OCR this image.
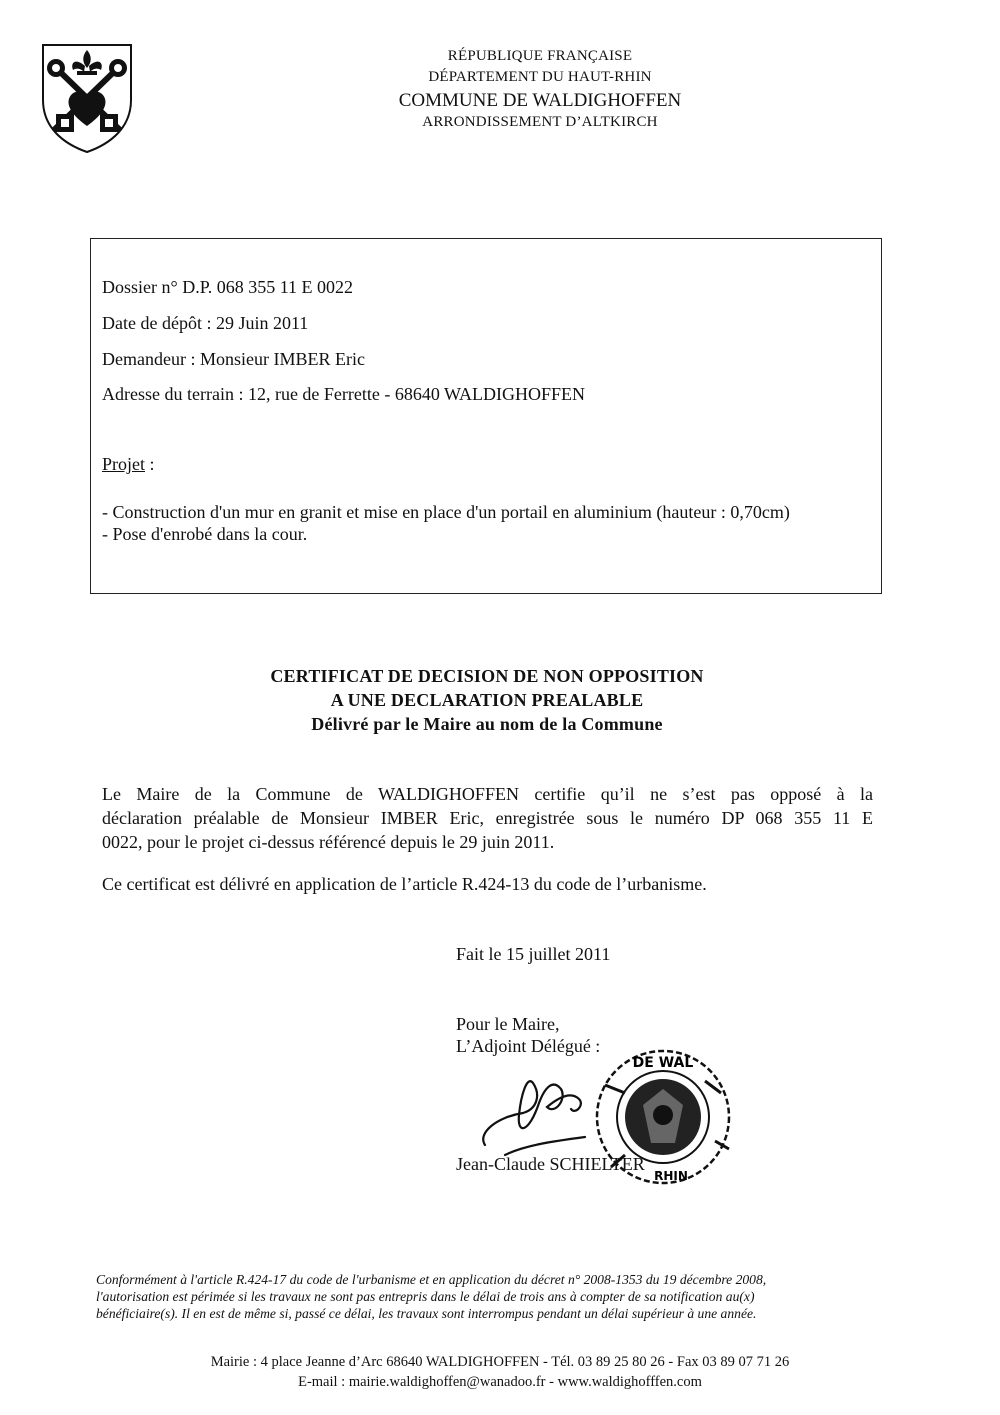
RÉPUBLIQUE FRANÇAISE
DÉPARTEMENT DU HAUT-RHIN
COMMUNE DE WALDIGHOFFEN
ARRONDISSEMENT D’ALTKIRCH
Dossier n° D.P. 068 355 11 E 0022
Date de dépôt : 29 Juin 2011
Demandeur : Monsieur IMBER Eric
Adresse du terrain : 12, rue de Ferrette - 68640 WALDIGHOFFEN
Projet :
- Construction d'un mur en granit et mise en place d'un portail en aluminium (hauteur : 0,70cm)
- Pose d'enrobé dans la cour.
CERTIFICAT DE DECISION DE NON OPPOSITION
A UNE DECLARATION PREALABLE
Délivré par le Maire au nom de la Commune
Le Maire de la Commune de WALDIGHOFFEN certifie qu’il ne s’est pas opposé à la
déclaration préalable de Monsieur IMBER Eric, enregistrée sous le numéro DP 068 355 11 E
0022, pour le projet ci-dessus référencé depuis le 29 juin 2011.
Ce certificat est délivré en application de l’article R.424-13 du code de l’urbanisme.
Fait le 15 juillet 2011
Pour le Maire,
L’Adjoint Délégué :
Jean-Claude SCHIELTER
DE WAL
RHIN
Conformément à l'article R.424-17 du code de l'urbanisme et en application du décret n° 2008-1353 du 19 décembre 2008,
l'autorisation est périmée si les travaux ne sont pas entrepris dans le délai de trois ans à compter de sa notification au(x)
bénéficiaire(s). Il en est de même si, passé ce délai, les travaux sont interrompus pendant un délai supérieur à une année.
Mairie : 4 place Jeanne d’Arc 68640 WALDIGHOFFEN - Tél. 03 89 25 80 26 - Fax 03 89 07 71 26
E-mail : mairie.waldighoffen@wanadoo.fr - www.waldighofffen.com
